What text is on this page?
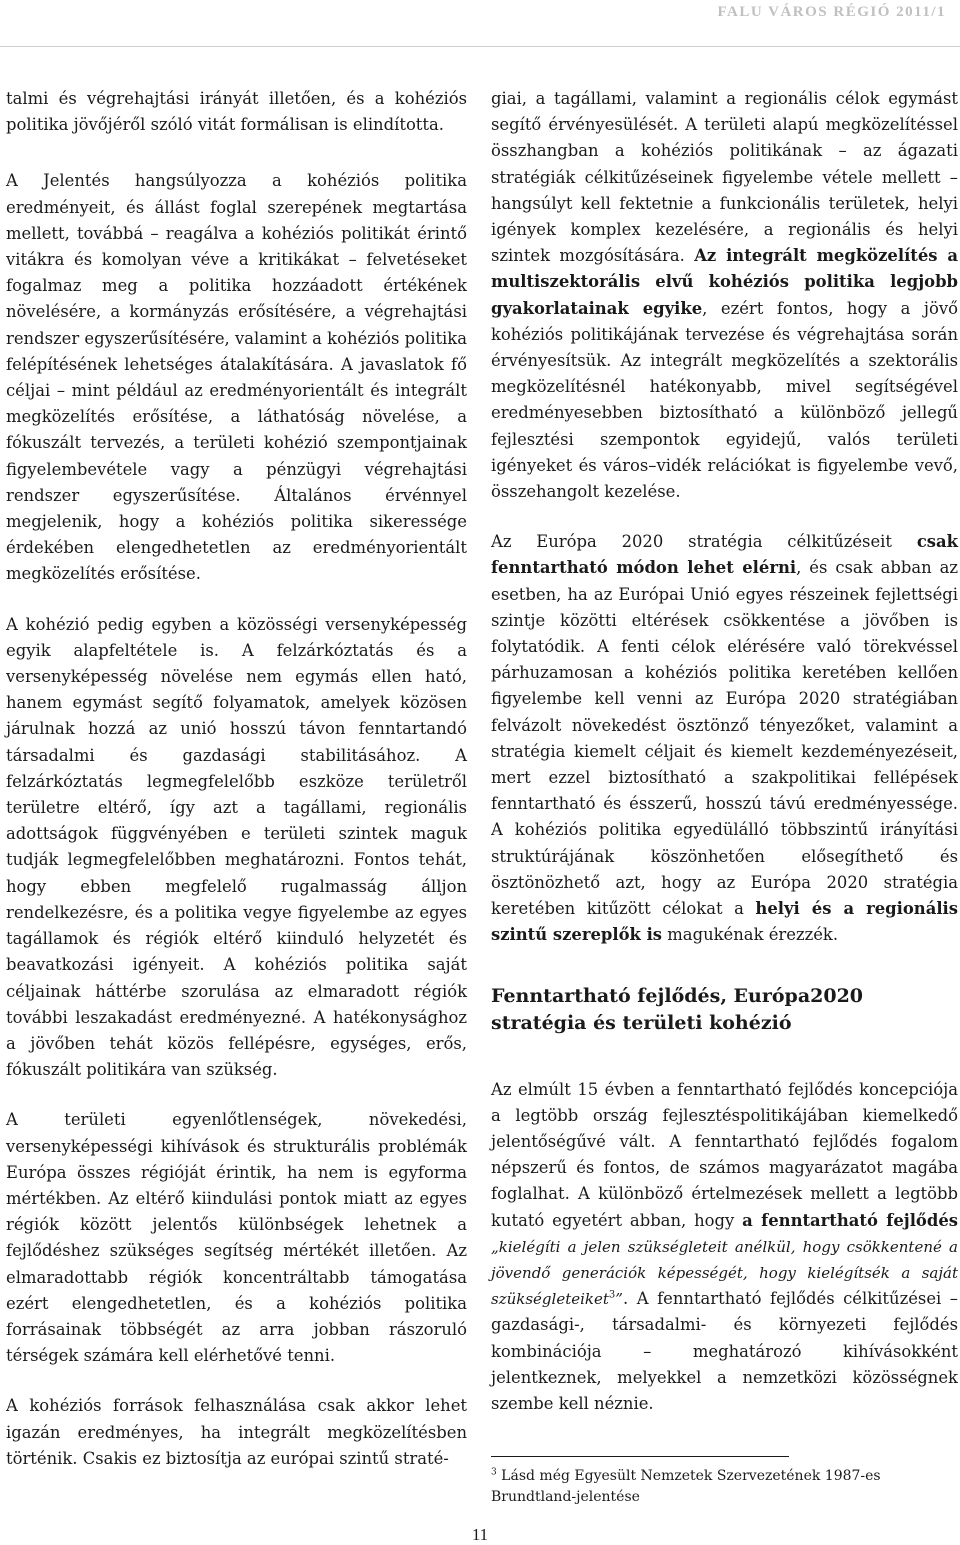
FALU VÁROS RÉGIÓ 2011/1

talmi és végrehajtási irányát illetően, és a kohéziós politika jövőjéről szóló vitát formálisan is elindította.

A Jelentés hangsúlyozza a kohéziós politika eredményeit, és állást foglal szerepének megtartása mellett, továbbá – reagálva a kohéziós politikát érintő vitákra és komolyan véve a kritikákat – felvetéseket fogalmaz meg a politika hozzáadott értékének növelésére, a kormányzás erősítésére, a végrehajtási rendszer egyszerűsítésére, valamint a kohéziós politika felépítésének lehetséges átalakítására. A javaslatok fő céljai – mint például az eredményorientált és integrált megközelítés erősítése, a láthatóság növelése, a fókuszált tervezés, a területi kohézió szempontjainak figyelembevétele vagy a pénzügyi végrehajtási rendszer egyszerűsítése. Általános érvénnyel megjelenik, hogy a kohéziós politika sikeressége érdekében elengedhetetlen az eredményorientált megközelítés erősítése.

A kohézió pedig egyben a közösségi versenyképesség egyik alapfeltétele is. A felzárkóztatás és a versenyképesség növelése nem egymás ellen ható, hanem egymást segítő folyamatok, amelyek közösen járulnak hozzá az unió hosszú távon fenntartandó társadalmi és gazdasági stabilitásához. A felzárkóztatás legmegfelelőbb eszköze területről területre eltérő, így azt a tagállami, regionális adottságok függvényében e területi szintek maguk tudják legmegfelelőbben meghatározni. Fontos tehát, hogy ebben megfelelő rugalmasság álljon rendelkezésre, és a politika vegye figyelembe az egyes tagállamok és régiók eltérő kiinduló helyzetét és beavatkozási igényeit. A kohéziós politika saját céljainak háttérbe szorulása az elmaradott régiók további leszakadást eredményezné. A hatékonysághoz a jövőben tehát közös fellépésre, egységes, erős, fókuszált politikára van szükség.

A területi egyenlőtlenségek, növekedési, versenyképességi kihívások és strukturális problémák Európa összes régióját érintik, ha nem is egyforma mértékben. Az eltérő kiindulási pontok miatt az egyes régiók között jelentős különbségek lehetnek a fejlődéshez szükséges segítség mértékét illetően. Az elmaradottabb régiók koncentráltabb támogatása ezért elengedhetetlen, és a kohéziós politika forrásainak többségét az arra jobban rászoruló térségek számára kell elérhetővé tenni.

A kohéziós források felhasználása csak akkor lehet igazán eredményes, ha integrált megközelítésben történik. Csakis ez biztosítja az európai szintű straté-

giai, a tagállami, valamint a regionális célok egymást segítő érvényesülését. A területi alapú megközelítéssel összhangban a kohéziós politikának – az ágazati stratégiák célkitűzéseinek figyelembe vétele mellett – hangsúlyt kell fektetnie a funkcionális területek, helyi igények komplex kezelésére, a regionális és helyi szintek mozgósítására. Az integrált megközelítés a multiszektorális elvű kohéziós politika legjobb gyakorlatainak egyike, ezért fontos, hogy a jövő kohéziós politikájának tervezése és végrehajtása során érvényesítsük. Az integrált megközelítés a szektorális megközelítésnél hatékonyabb, mivel segítségével eredményesebben biztosítható a különböző jellegű fejlesztési szempontok egyidejű, valós területi igényeket és város–vidék relációkat is figyelembe vevő, összehangolt kezelése.

Az Európa 2020 stratégia célkitűzéseit csak fenntartható módon lehet elérni, és csak abban az esetben, ha az Európai Unió egyes részeinek fejlettségi szintje közötti eltérések csökkentése a jövőben is folytatódik. A fenti célok elérésére való törekvéssel párhuzamosan a kohéziós politika keretében kellően figyelembe kell venni az Európa 2020 stratégiában felvázolt növekedést ösztönző tényezőket, valamint a stratégia kiemelt céljait és kiemelt kezdeményezéseit, mert ezzel biztosítható a szakpolitikai fellépések fenntartható és ésszerű, hosszú távú eredményessége. A kohéziós politika egyedülálló többszintű irányítási struktúrájának köszönhetően elősegíthető és ösztönözhető azt, hogy az Európa 2020 stratégia keretében kitűzött célokat a helyi és a regionális szintű szereplők is magukénak érezzék.

Fenntartható fejlődés, Európa2020 stratégia és területi kohézió

Az elmúlt 15 évben a fenntartható fejlődés koncepciója a legtöbb ország fejlesztéspolitikájában kiemelkedő jelentőségűvé vált. A fenntartható fejlődés fogalom népszerű és fontos, de számos magyarázatot magába foglalhat. A különböző értelmezések mellett a legtöbb kutató egyetért abban, hogy a fenntartható fejlődés „kielégíti a jelen szükségleteit anélkül, hogy csökkentené a jövendő generációk képességét, hogy kielégítsék a saját szükségleteiket$^3$”. A fenntartható fejlődés célkitűzései – gazdasági-, társadalmi- és környezeti fejlődés kombinációja – meghatározó kihívásokként jelentkeznek, melyekkel a nemzetközi közösségnek szembe kell néznie.

$^3$ Lásd még Egyesült Nemzetek Szervezetének 1987-es Brundtland-jelentése
11
